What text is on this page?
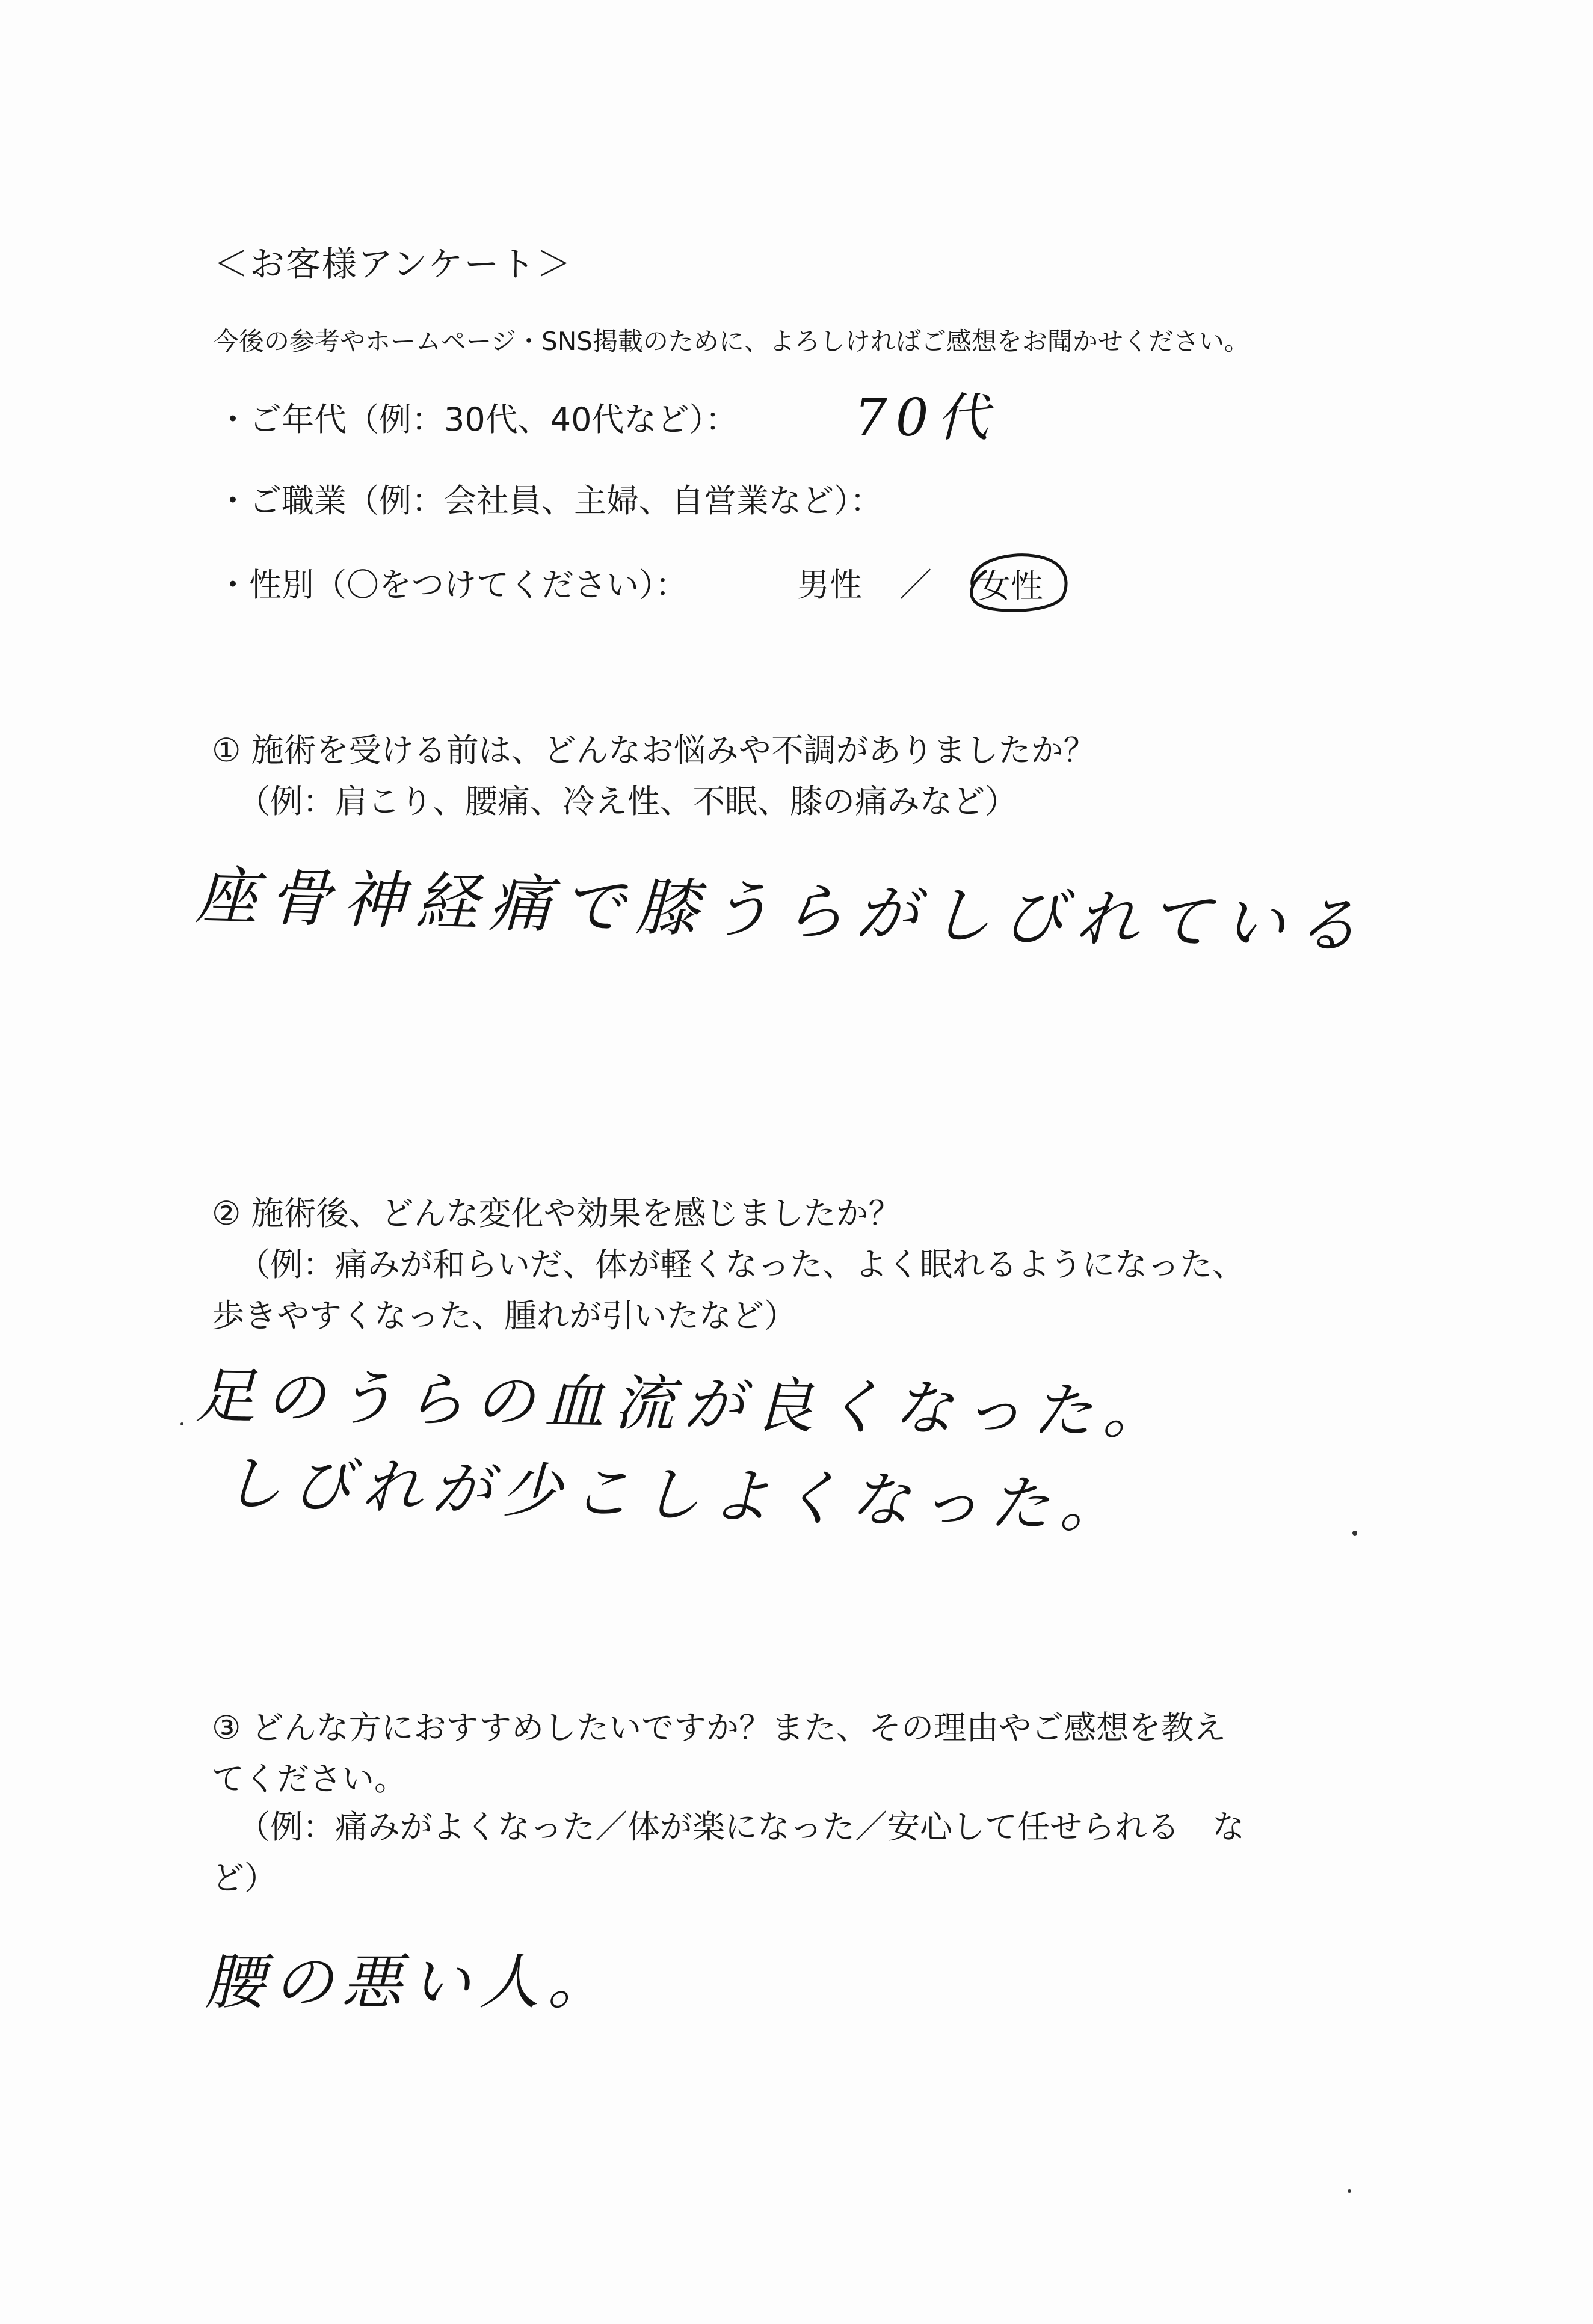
＜お客様アンケート＞
今後の参考やホームページ・SNS掲載のために、よろしければご感想をお聞かせください。
・ご年代（例：30代、40代など）： 70代
・ご職業（例：会社員、主婦、自営業など）：
・性別（〇をつけてください）：	男性 ／ 女性
① 施術を受ける前は、どんなお悩みや不調がありましたか？
（例：肩こり、腰痛、冷え性、不眠、膝の痛みなど）
座骨神経痛で膝うらがしびれている
② 施術後、どんな変化や効果を感じましたか？
（例：痛みが和らいだ、体が軽くなった、よく眠れるようになった、
歩きやすくなった、腫れが引いたなど）
足のうらの血流が良くなった。
しびれが少こしよくなった。
③ どんな方におすすめしたいですか？また、その理由やご感想を教え
てください。
（例：痛みがよくなった／体が楽になった／安心して任せられる　な
ど）
腰の悪い人。
